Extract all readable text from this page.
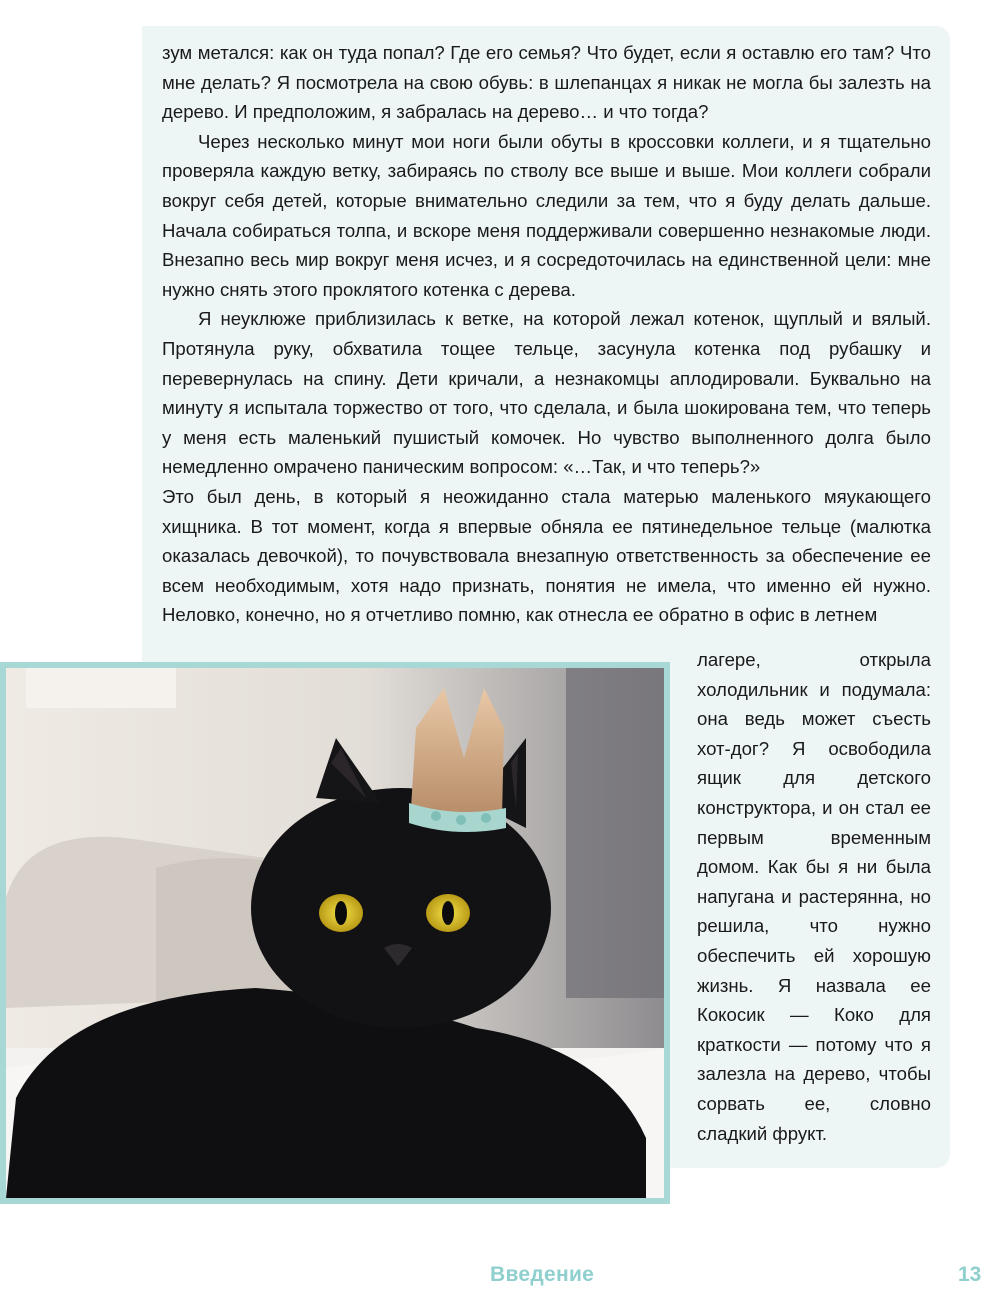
зум метался: как он туда попал? Где его семья? Что будет, если я оставлю его там? Что мне делать? Я посмотрела на свою обувь: в шлепанцах я никак не могла бы залезть на дерево. И предположим, я забралась на дерево… и что тогда?

Через несколько минут мои ноги были обуты в кроссовки коллеги, и я тщательно проверяла каждую ветку, забираясь по стволу все выше и выше. Мои коллеги собрали вокруг себя детей, которые внимательно следили за тем, что я буду делать дальше. Начала собираться толпа, и вскоре меня поддерживали совершенно незнакомые люди. Внезапно весь мир вокруг меня исчез, и я сосредоточилась на единственной цели: мне нужно снять этого проклятого котенка с дерева.

Я неуклюже приблизилась к ветке, на которой лежал котенок, щуплый и вялый. Протянула руку, обхватила тощее тельце, засунула котенка под рубашку и перевернулась на спину. Дети кричали, а незнакомцы аплодировали. Буквально на минуту я испытала торжество от того, что сделала, и была шокирована тем, что теперь у меня есть маленький пушистый комочек. Но чувство выполненного долга было немедленно омрачено паническим вопросом: «…Так, и что теперь?»

Это был день, в который я неожиданно стала матерью маленького мяукающего хищника. В тот момент, когда я впервые обняла ее пятинедельное тельце (малютка оказалась девочкой), то почувствовала внезапную ответственность за обеспечение ее всем необходимым, хотя надо признать, понятия не имела, что именно ей нужно. Неловко, конечно, но я отчетливо помню, как отнесла ее обратно в офис в летнем

лагере, открыла холодильник и подумала: она ведь может съесть хот-дог? Я освободила ящик для детского конструктора, и он стал ее первым временным домом. Как бы я ни была напугана и растерянна, но решила, что нужно обеспечить ей хорошую жизнь. Я назвала ее Кокосик — Коко для краткости — потому что я залезла на дерево, чтобы сорвать ее, словно сладкий фрукт.

Введение	13
